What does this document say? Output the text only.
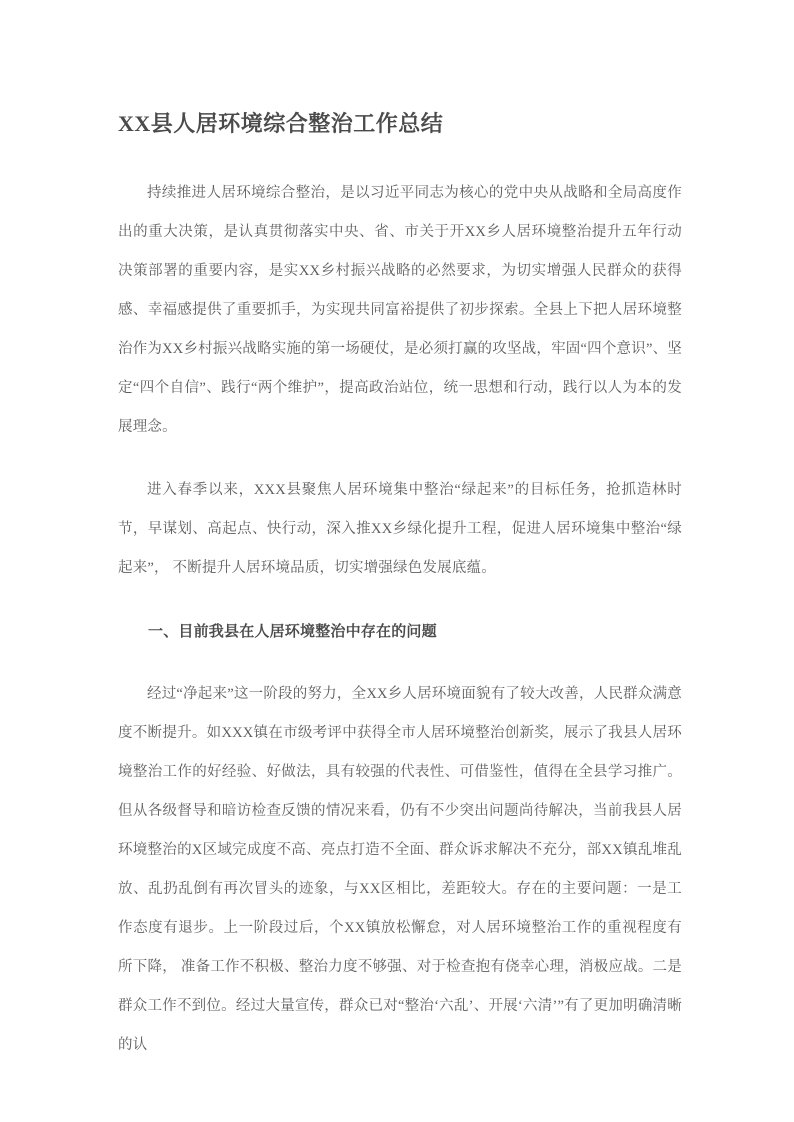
XX县人居环境综合整治工作总结

持续推进人居环境综合整治，是以习近平同志为核心的党中央从战略和全局高度作出的重大决策，是认真贯彻落实中央、省、市关于开XX乡人居环境整治提升五年行动决策部署的重要内容，是实XX乡村振兴战略的必然要求，为切实增强人民群众的获得感、幸福感提供了重要抓手，为实现共同富裕提供了初步探索。全县上下把人居环境整治作为XX乡村振兴战略实施的第一场硬仗，是必须打赢的攻坚战，牢固“四个意识”、坚定“四个自信”、践行“两个维护”，提高政治站位，统一思想和行动，践行以人为本的发展理念。

进入春季以来，XXX县聚焦人居环境集中整治“绿起来”的目标任务，抢抓造林时节，早谋划、高起点、快行动，深入推XX乡绿化提升工程，促进人居环境集中整治“绿起来”， 不断提升人居环境品质，切实增强绿色发展底蕴。

一、目前我县在人居环境整治中存在的问题

经过“净起来”这一阶段的努力，全XX乡人居环境面貌有了较大改善，人民群众满意度不断提升。如XXX镇在市级考评中获得全市人居环境整治创新奖，展示了我县人居环境整治工作的好经验、好做法，具有较强的代表性、可借鉴性，值得在全县学习推广。但从各级督导和暗访检查反馈的情况来看，仍有不少突出问题尚待解决，当前我县人居环境整治的X区域完成度不高、亮点打造不全面、群众诉求解决不充分，部XX镇乱堆乱放、乱扔乱倒有再次冒头的迹象，与XX区相比，差距较大。存在的主要问题：一是工作态度有退步。上一阶段过后，个XX镇放松懈怠，对人居环境整治工作的重视程度有所下降， 准备工作不积极、整治力度不够强、对于检查抱有侥幸心理，消极应战。二是群众工作不到位。经过大量宣传，群众已对“整治‘六乱’、开展‘六清’”有了更加明确清晰的认
